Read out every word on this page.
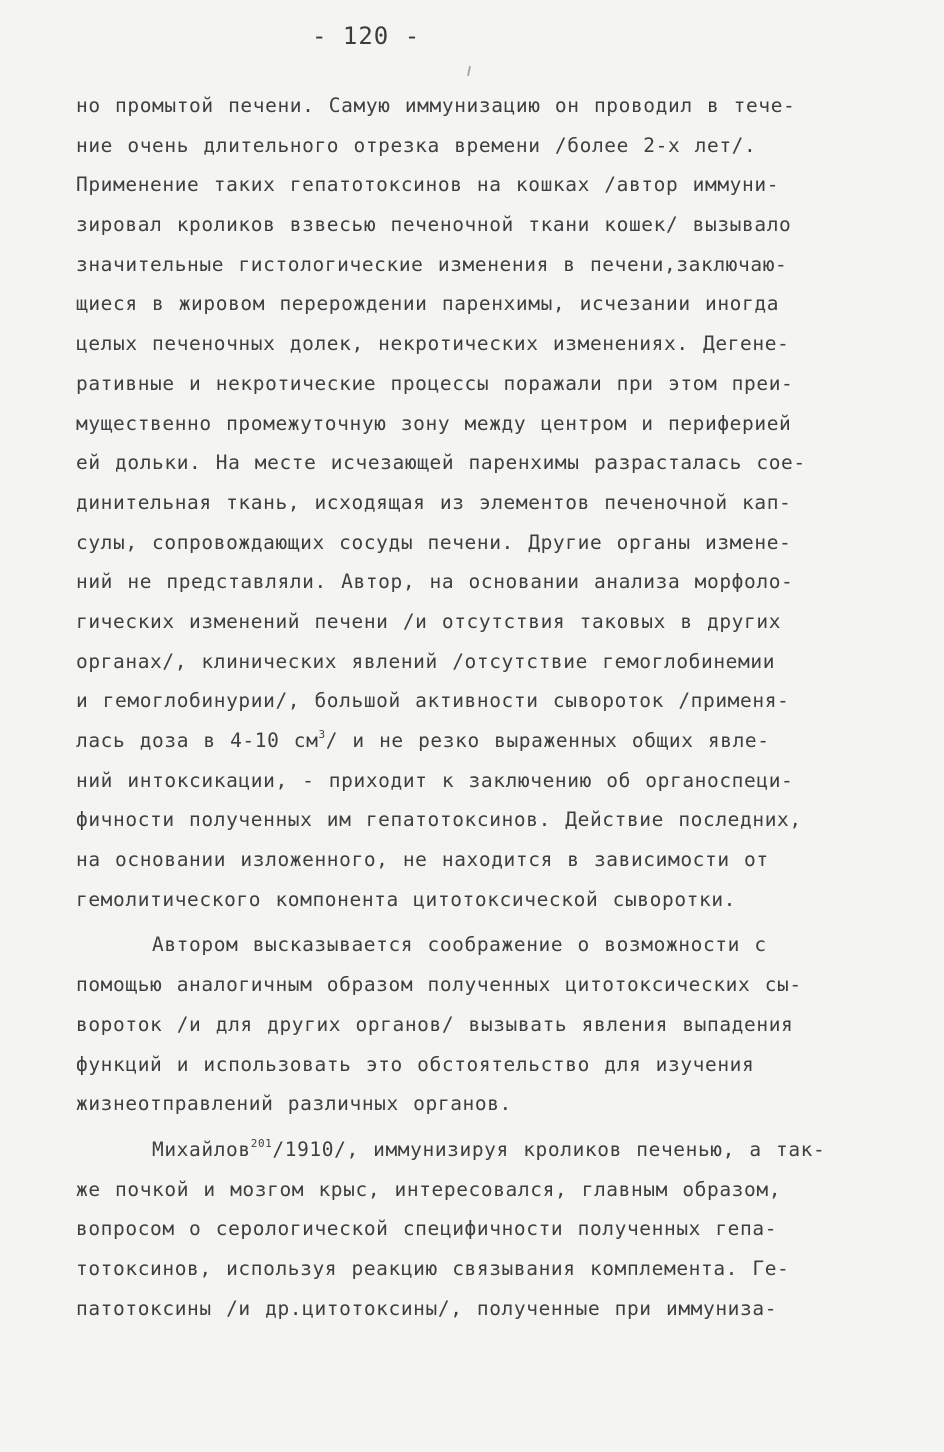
- 120 -
но промытой печени. Самую иммунизацию он проводил в тече-
ние очень длительного отрезка времени /более 2-х лет/.
Применение таких гепатотоксинов на кошках /автор иммуни-
зировал кроликов взвесью печеночной ткани кошек/ вызывало
значительные гистологические изменения в печени,заключаю-
щиеся в жировом перерождении паренхимы, исчезании иногда
целых печеночных долек, некротических изменениях. Дегене-
ративные и некротические процессы поражали при этом преи-
мущественно промежуточную зону между центром и периферией
ей дольки. На месте исчезающей паренхимы разрасталась сое-
динительная ткань, исходящая из элементов печеночной кап-
сулы, сопровождающих сосуды печени. Другие органы измене-
ний не представляли. Автор, на основании анализа морфоло-
гических изменений печени /и отсутствия таковых в других
органах/, клинических явлений /отсутствие гемоглобинемии
и гемоглобинурии/, большой активности сывороток /применя-
лась доза в 4-10 $см^3/$ и не резко выраженных общих явле-
ний интоксикации, - приходит к заключению об органоспеци-
фичности полученных им гепатотоксинов. Действие последних,
на основании изложенного, не находится в зависимости от
гемолитического компонента цитотоксической сыворотки.
Автором высказывается соображение о возможности с
помощью аналогичным образом полученных цитотоксических сы-
вороток /и для других органов/ вызывать явления выпадения
функций и использовать это обстоятельство для изучения
жизнеотправлений различных органов.
Михайлов$^{201}$/1910/, иммунизируя кроликов печенью, а так-
же почкой и мозгом крыс, интересовался, главным образом,
вопросом о серологической специфичности полученных гепа-
тотоксинов, используя реакцию связывания комплемента. Ге-
патотоксины /и др.цитотоксины/, полученные при иммуниза-
